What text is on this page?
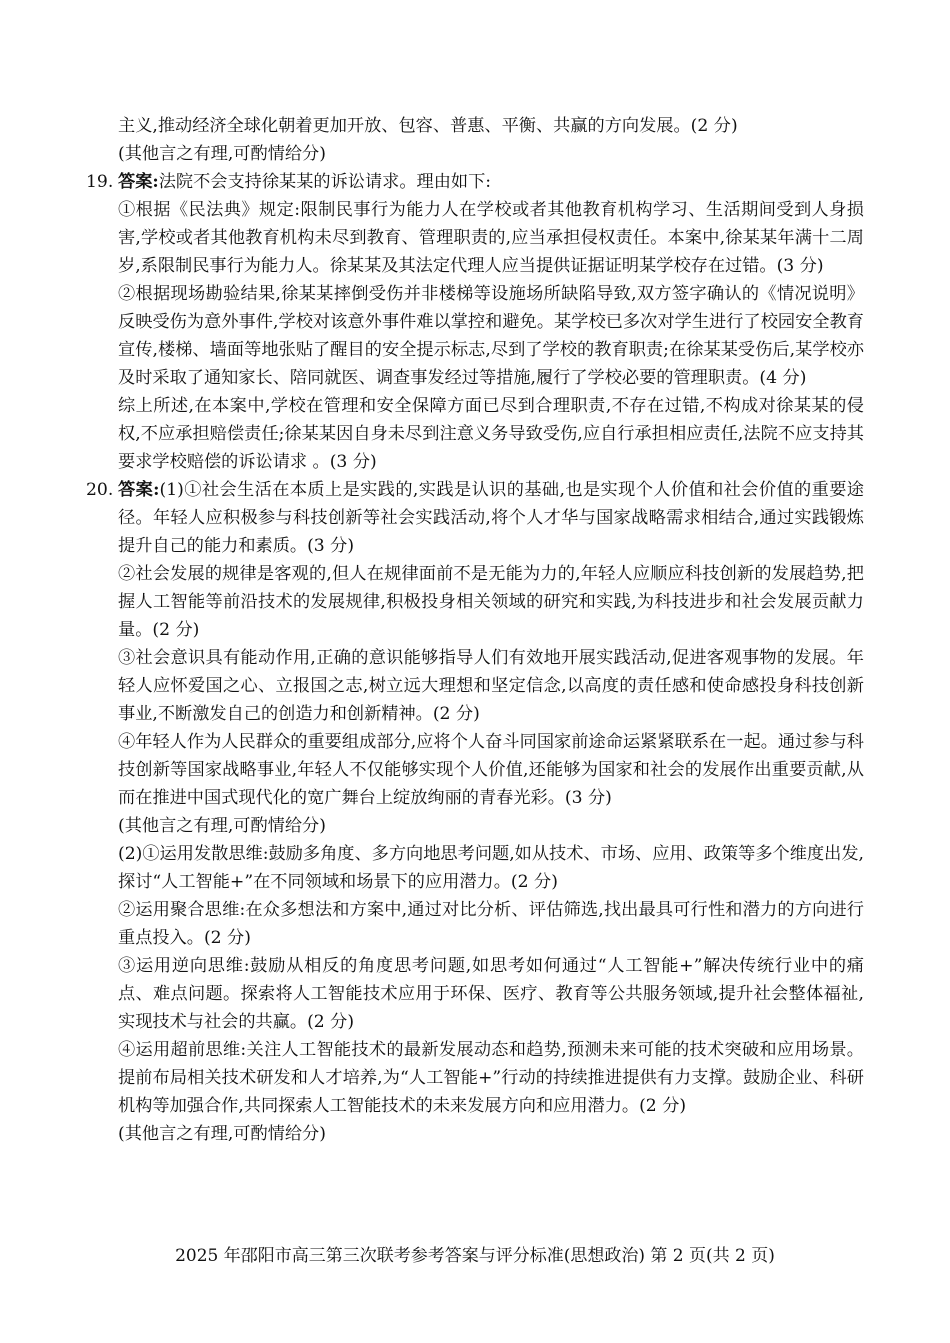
主义,推动经济全球化朝着更加开放、包容、普惠、平衡、共赢的方向发展。(2 分)

(其他言之有理,可酌情给分)

19. 答案:法院不会支持徐某某的诉讼请求。理由如下:

①根据《民法典》规定:限制民事行为能力人在学校或者其他教育机构学习、生活期间受到人身损害,学校或者其他教育机构未尽到教育、管理职责的,应当承担侵权责任。本案中,徐某某年满十二周岁,系限制民事行为能力人。徐某某及其法定代理人应当提供证据证明某学校存在过错。(3 分)

②根据现场勘验结果,徐某某摔倒受伤并非楼梯等设施场所缺陷导致,双方签字确认的《情况说明》反映受伤为意外事件,学校对该意外事件难以掌控和避免。某学校已多次对学生进行了校园安全教育宣传,楼梯、墙面等地张贴了醒目的安全提示标志,尽到了学校的教育职责;在徐某某受伤后,某学校亦及时采取了通知家长、陪同就医、调查事发经过等措施,履行了学校必要的管理职责。(4 分)

综上所述,在本案中,学校在管理和安全保障方面已尽到合理职责,不存在过错,不构成对徐某某的侵权,不应承担赔偿责任;徐某某因自身未尽到注意义务导致受伤,应自行承担相应责任,法院不应支持其要求学校赔偿的诉讼请求 。(3 分)

20. 答案:(1)①社会生活在本质上是实践的,实践是认识的基础,也是实现个人价值和社会价值的重要途径。年轻人应积极参与科技创新等社会实践活动,将个人才华与国家战略需求相结合,通过实践锻炼提升自己的能力和素质。(3 分)

②社会发展的规律是客观的,但人在规律面前不是无能为力的,年轻人应顺应科技创新的发展趋势,把握人工智能等前沿技术的发展规律,积极投身相关领域的研究和实践,为科技进步和社会发展贡献力量。(2 分)

③社会意识具有能动作用,正确的意识能够指导人们有效地开展实践活动,促进客观事物的发展。年轻人应怀爱国之心、立报国之志,树立远大理想和坚定信念,以高度的责任感和使命感投身科技创新事业,不断激发自己的创造力和创新精神。(2 分)

④年轻人作为人民群众的重要组成部分,应将个人奋斗同国家前途命运紧紧联系在一起。通过参与科技创新等国家战略事业,年轻人不仅能够实现个人价值,还能够为国家和社会的发展作出重要贡献,从而在推进中国式现代化的宽广舞台上绽放绚丽的青春光彩。(3 分)

(其他言之有理,可酌情给分)

(2)①运用发散思维:鼓励多角度、多方向地思考问题,如从技术、市场、应用、政策等多个维度出发,探讨“人工智能+”在不同领域和场景下的应用潜力。(2 分)

②运用聚合思维:在众多想法和方案中,通过对比分析、评估筛选,找出最具可行性和潜力的方向进行重点投入。(2 分)

③运用逆向思维:鼓励从相反的角度思考问题,如思考如何通过“人工智能+”解决传统行业中的痛点、难点问题。探索将人工智能技术应用于环保、医疗、教育等公共服务领域,提升社会整体福祉,实现技术与社会的共赢。(2 分)

④运用超前思维:关注人工智能技术的最新发展动态和趋势,预测未来可能的技术突破和应用场景。提前布局相关技术研发和人才培养,为“人工智能+”行动的持续推进提供有力支撑。鼓励企业、科研机构等加强合作,共同探索人工智能技术的未来发展方向和应用潜力。(2 分)

(其他言之有理,可酌情给分)

2025 年邵阳市高三第三次联考参考答案与评分标准(思想政治) 第 2 页(共 2 页)
